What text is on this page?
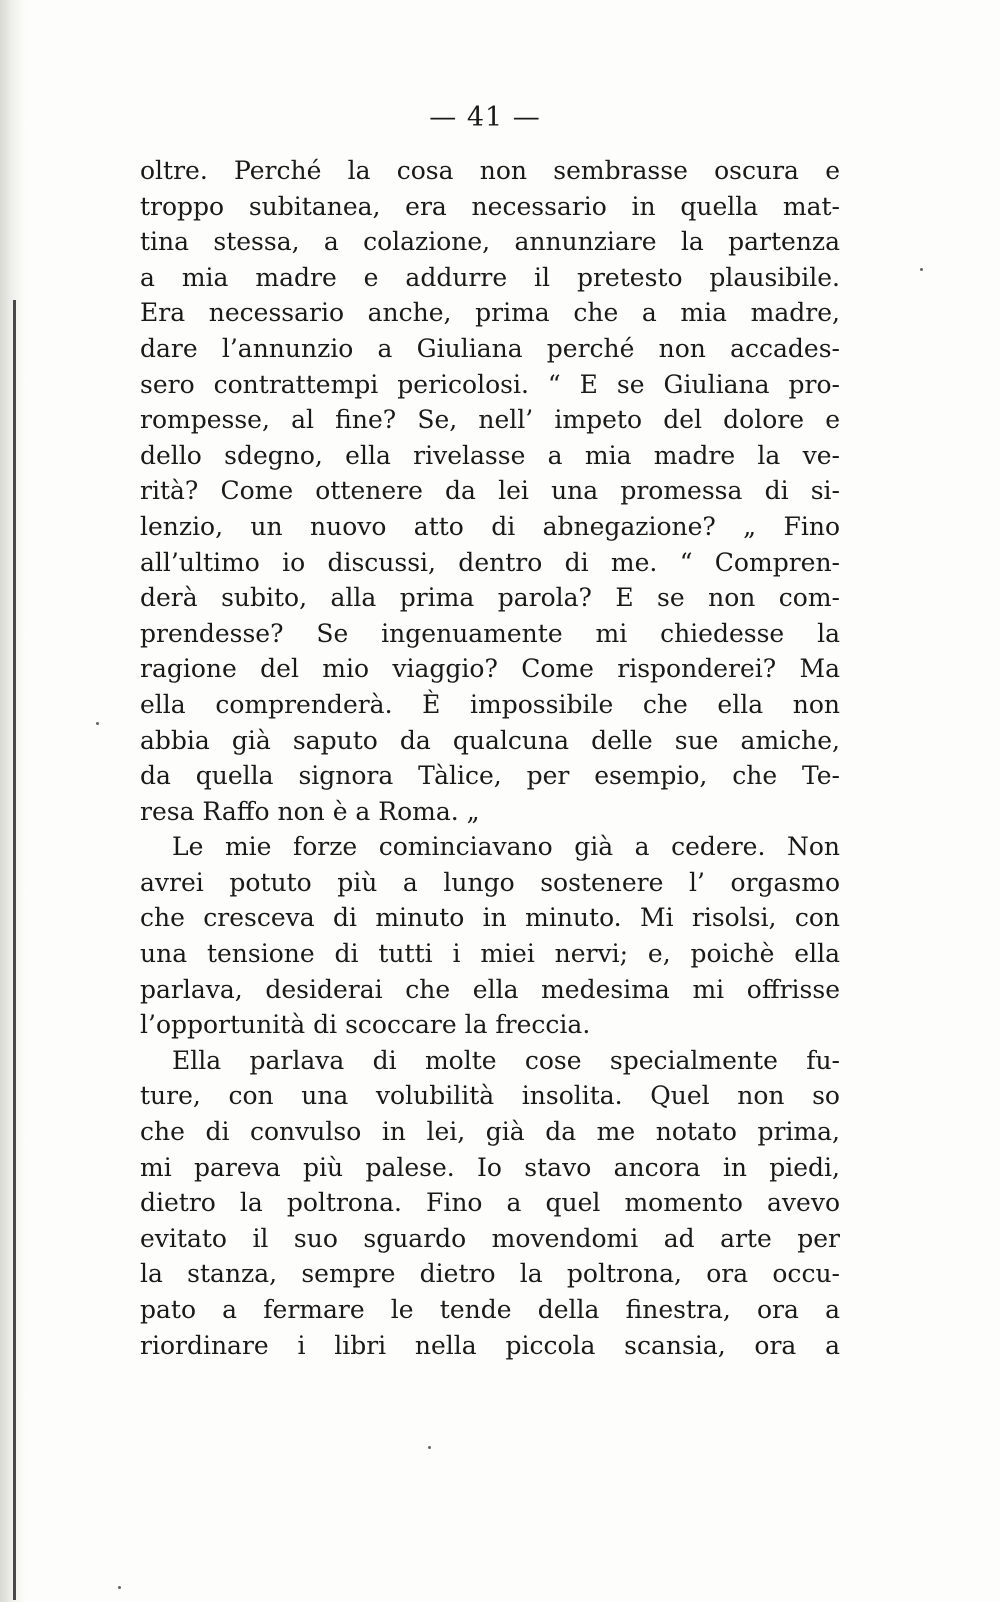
— 41 —
oltre. Perché la cosa non sembrasse oscura e
troppo subitanea, era necessario in quella mat-
tina stessa, a colazione, annunziare la partenza
a mia madre e addurre il pretesto plausibile.
Era necessario anche, prima che a mia madre,
dare l’annunzio a Giuliana perché non accades-
sero contrattempi pericolosi. “ E se Giuliana pro-
rompesse, al fine? Se, nell’ impeto del dolore e
dello sdegno, ella rivelasse a mia madre la ve-
rità? Come ottenere da lei una promessa di si-
lenzio, un nuovo atto di abnegazione? „ Fino
all’ultimo io discussi, dentro di me. “ Compren-
derà subito, alla prima parola? E se non com-
prendesse? Se ingenuamente mi chiedesse la
ragione del mio viaggio? Come risponderei? Ma
ella comprenderà. È impossibile che ella non
abbia già saputo da qualcuna delle sue amiche,
da quella signora Tàlice, per esempio, che Te-
resa Raffo non è a Roma. „
Le mie forze cominciavano già a cedere. Non
avrei potuto più a lungo sostenere l’ orgasmo
che cresceva di minuto in minuto. Mi risolsi, con
una tensione di tutti i miei nervi; e, poichè ella
parlava, desiderai che ella medesima mi offrisse
l’opportunità di scoccare la freccia.
Ella parlava di molte cose specialmente fu-
ture, con una volubilità insolita. Quel non so
che di convulso in lei, già da me notato prima,
mi pareva più palese. Io stavo ancora in piedi,
dietro la poltrona. Fino a quel momento avevo
evitato il suo sguardo movendomi ad arte per
la stanza, sempre dietro la poltrona, ora occu-
pato a fermare le tende della finestra, ora a
riordinare i libri nella piccola scansia, ora a
